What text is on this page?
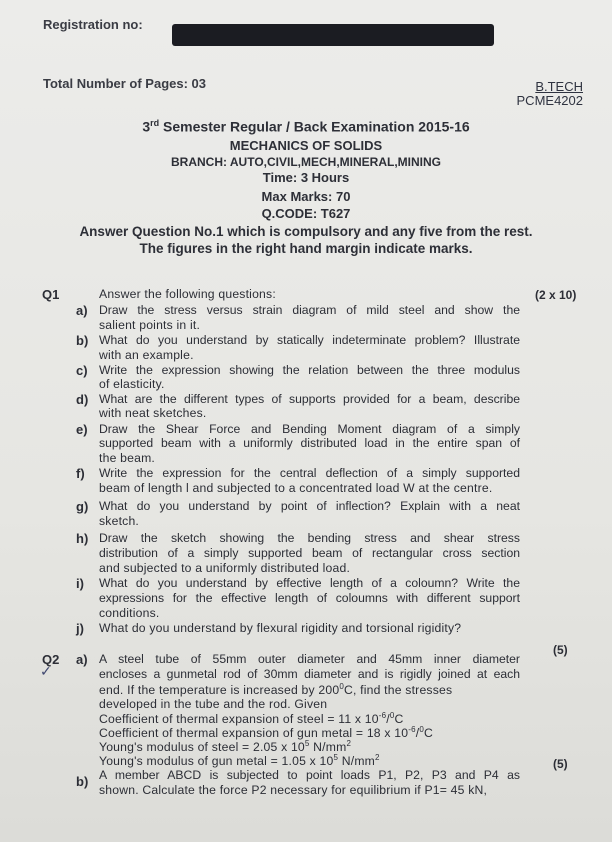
Registration no:
Total Number of Pages: 03	B.TECH
PCME4202
3rd Semester Regular / Back Examination 2015-16
MECHANICS OF SOLIDS
BRANCH: AUTO,CIVIL,MECH,MINERAL,MINING
Time: 3 Hours
Max Marks: 70
Q.CODE: T627
Answer Question No.1 which is compulsory and any five from the rest.
The figures in the right hand margin indicate marks.
Q1	Answer the following questions:	(2 x 10)
a) Draw the stress versus strain diagram of mild steel and show the
salient points in it.
b) What do you understand by statically indeterminate problem? Illustrate
with an example.
c) Write the expression showing the relation between the three modulus
of elasticity.
d) What are the different types of supports provided for a beam, describe
with neat sketches.
e) Draw the Shear Force and Bending Moment diagram of a simply
supported beam with a uniformly distributed load in the entire span of
the beam.
f) Write the expression for the central deflection of a simply supported
beam of length l and subjected to a concentrated load W at the centre.
g) What do you understand by point of inflection? Explain with a neat
sketch.
h) Draw the sketch showing the bending stress and shear stress
distribution of a simply supported beam of rectangular cross section
and subjected to a uniformly distributed load.
i) What do you understand by effective length of a coloumn? Write the
expressions for the effective length of coloumns with different support
conditions.
j) What do you understand by flexural rigidity and torsional rigidity?
Q2
✓
a)
(5)
A steel tube of 55mm outer diameter and 45mm inner diameter
encloses a gunmetal rod of 30mm diameter and is rigidly joined at each
end. If the temperature is increased by $200^0C$, find the stresses
developed in the tube and the rod. Given
Coefficient of thermal expansion of steel = 11 x $10^{-6}/^0C$
Coefficient of thermal expansion of gun metal = 18 x $10^{-6}/^0C$
Young's modulus of steel = 2.05 x $10^5$ $N/mm^2$
Young's modulus of gun metal = 1.05 x $10^5$ $N/mm^2$
b)
(5)
A member ABCD is subjected to point loads P1, P2, P3 and P4 as
shown. Calculate the force P2 necessary for equilibrium if P1= 45 kN,
